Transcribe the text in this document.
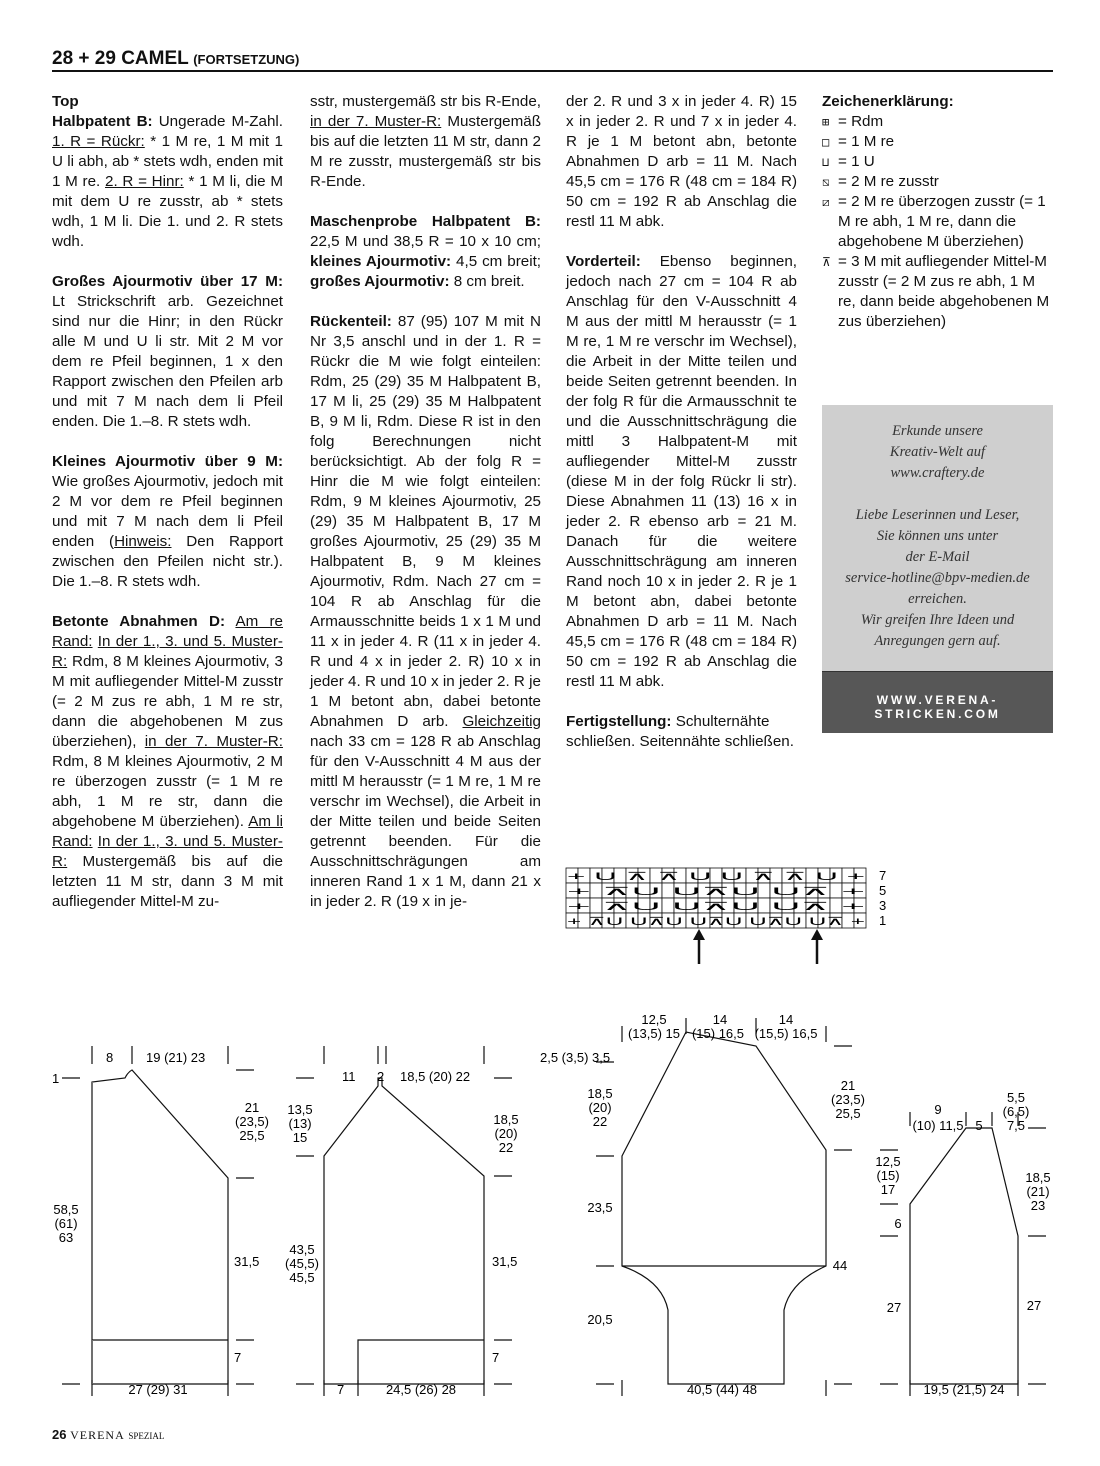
28 + 29 CAMEL (FORTSETZUNG)

Top
Halbpatent B: Ungerade M-Zahl. 1. R = Rückr: * 1 M re, 1 M mit 1 U li abh, ab * stets wdh, enden mit 1 M re. 2. R = Hinr: * 1 M li, die M mit dem U re zusstr, ab * stets wdh, 1 M li. Die 1. und 2. R stets wdh.

Großes Ajourmotiv über 17 M: Lt Strickschrift arb. Gezeichnet sind nur die Hinr; in den Rückr alle M und U li str. Mit 2 M vor dem re Pfeil beginnen, 1 x den Rapport zwischen den Pfeilen arb und mit 7 M nach dem li Pfeil enden. Die 1.–8. R stets wdh.

Kleines Ajourmotiv über 9 M: Wie großes Ajourmotiv, jedoch mit 2 M vor dem re Pfeil beginnen und mit 7 M nach dem li Pfeil enden (Hinweis: Den Rapport zwischen den Pfeilen nicht str.). Die 1.–8. R stets wdh.

Betonte Abnahmen D: Am re Rand: In der 1., 3. und 5. Muster-R: Rdm, 8 M kleines Ajourmotiv, 3 M mit aufliegender Mittel-M zusstr (= 2 M zus re abh, 1 M re str, dann die abgehobenen M zus überziehen), in der 7. Muster-R: Rdm, 8 M kleines Ajourmotiv, 2 M re überzogen zusstr (= 1 M re abh, 1 M re str, dann die abgehobene M überziehen). Am li Rand: In der 1., 3. und 5. Muster-R: Mustergemäß bis auf die letzten 11 M str, dann 3 M mit aufliegender Mittel-M zu-

sstr, mustergemäß str bis R-Ende, in der 7. Muster-R: Mustergemäß bis auf die letzten 11 M str, dann 2 M re zusstr, mustergemäß str bis R-Ende.

Maschenprobe Halbpatent B: 22,5 M und 38,5 R = 10 x 10 cm; kleines Ajourmotiv: 4,5 cm breit; großes Ajourmotiv: 8 cm breit.

Rückenteil: 87 (95) 107 M mit N Nr 3,5 anschl und in der 1. R = Rückr die M wie folgt einteilen: Rdm, 25 (29) 35 M Halbpatent B, 17 M li, 25 (29) 35 M Halbpatent B, 9 M li, Rdm. Diese R ist in den folg Berechnungen nicht berücksichtigt. Ab der folg R = Hinr die M wie folgt einteilen: Rdm, 9 M kleines Ajourmotiv, 25 (29) 35 M Halbpatent B, 17 M großes Ajourmotiv, 25 (29) 35 M Halbpatent B, 9 M kleines Ajourmotiv, Rdm. Nach 27 cm = 104 R ab Anschlag für die Armausschnitte beids 1 x 1 M und 11 x in jeder 4. R (11 x in jeder 4. R und 4 x in jeder 2. R) 10 x in jeder 4. R und 10 x in jeder 2. R je 1 M betont abn, dabei betonte Abnahmen D arb. Gleichzeitig nach 33 cm = 128 R ab Anschlag für den V-Ausschnitt 4 M aus der mittl M herausstr (= 1 M re, 1 M re verschr im Wechsel), die Arbeit in der Mitte teilen und beide Seiten getrennt beenden. Für die Ausschnittschrägungen am inneren Rand 1 x 1 M, dann 21 x in jeder 2. R (19 x in je-

der 2. R und 3 x in jeder 4. R) 15 x in jeder 2. R und 7 x in jeder 4. R je 1 M betont abn, betonte Abnahmen D arb = 11 M. Nach 45,5 cm = 176 R (48 cm = 184 R) 50 cm = 192 R ab Anschlag die restl 11 M abk.

Vorderteil: Ebenso beginnen, jedoch nach 27 cm = 104 R ab Anschlag für den V-Ausschnitt 4 M aus der mittl M herausstr (= 1 M re, 1 M re verschr im Wechsel), die Arbeit in der Mitte teilen und beide Seiten getrennt beenden. In der folg R für die Armausschnit te und die Ausschnittschrägung die mittl 3 Halbpatent-M mit aufliegender Mittel-M zusstr (diese M in der folg Rückr li str). Diese Abnahmen 11 (13) 16 x in jeder 2. R ebenso arb = 21 M. Danach für die weitere Ausschnittschrägung am inneren Rand noch 10 x in jeder 2. R je 1 M betont abn, dabei betonte Abnahmen D arb = 11 M. Nach 45,5 cm = 176 R (48 cm = 184 R) 50 cm = 192 R ab Anschlag die restl 11 M abk.

Fertigstellung: Schulternähte schließen. Seitennähte schließen.

Zeichenerklärung:
⊞ = Rdm
□ = 1 M re
⊔ = 1 U
⧅ = 2 M re zusstr
⧄ = 2 M re überzogen zusstr (= 1 M re abh, 1 M re, dann die abgehobene M überziehen)
⊼ = 3 M mit aufliegender Mittel-M zusstr (= 2 M zus re abh, 1 M re, dann beide abgehobenen M zus überziehen)
Erkunde unsere
Kreativ-Welt auf
www.craftery.de
Liebe Leserinnen und Leser,
Sie können uns unter
der E-Mail
service-hotline@bpv-medien.de
erreichen.
Wir greifen Ihre Ideen und
Anregungen gern auf.
WWW.VERENA-STRICKEN.COM
+ U ⊼ ⊼ U U ⊼ ⊼ U +
+ ⊼U U⊼U U⊼ +
+ ⊼U U⊼U U⊼ +
+ ⊼U U⊼U U⊼U U⊼U U⊼ +
7
5
3
1
8	19 (21) 23
1
21
(23,5)
25,5
58,5
(61)
63
31,5
7
27 (29) 31
11 2 18,5 (20) 22
13,5
(13)
15
18,5
(20)
22
43,5
(45,5)
45,5
31,5
7
7	24,5 (26) 28
12,5
(13,5) 15
14
(15) 16,5
14
(15,5) 16,5
2,5 (3,5) 3,5
18,5
(20)
22
21
(23,5)
25,5
23,5
44
20,5
40,5 (44) 48
9
(10) 11,5 5
5,5
(6,5)
7,5
12,5
(15)
17
6
18,5
(21)
23
27	27
19,5 (21,5) 24
26 VERENA SPEZIAL
